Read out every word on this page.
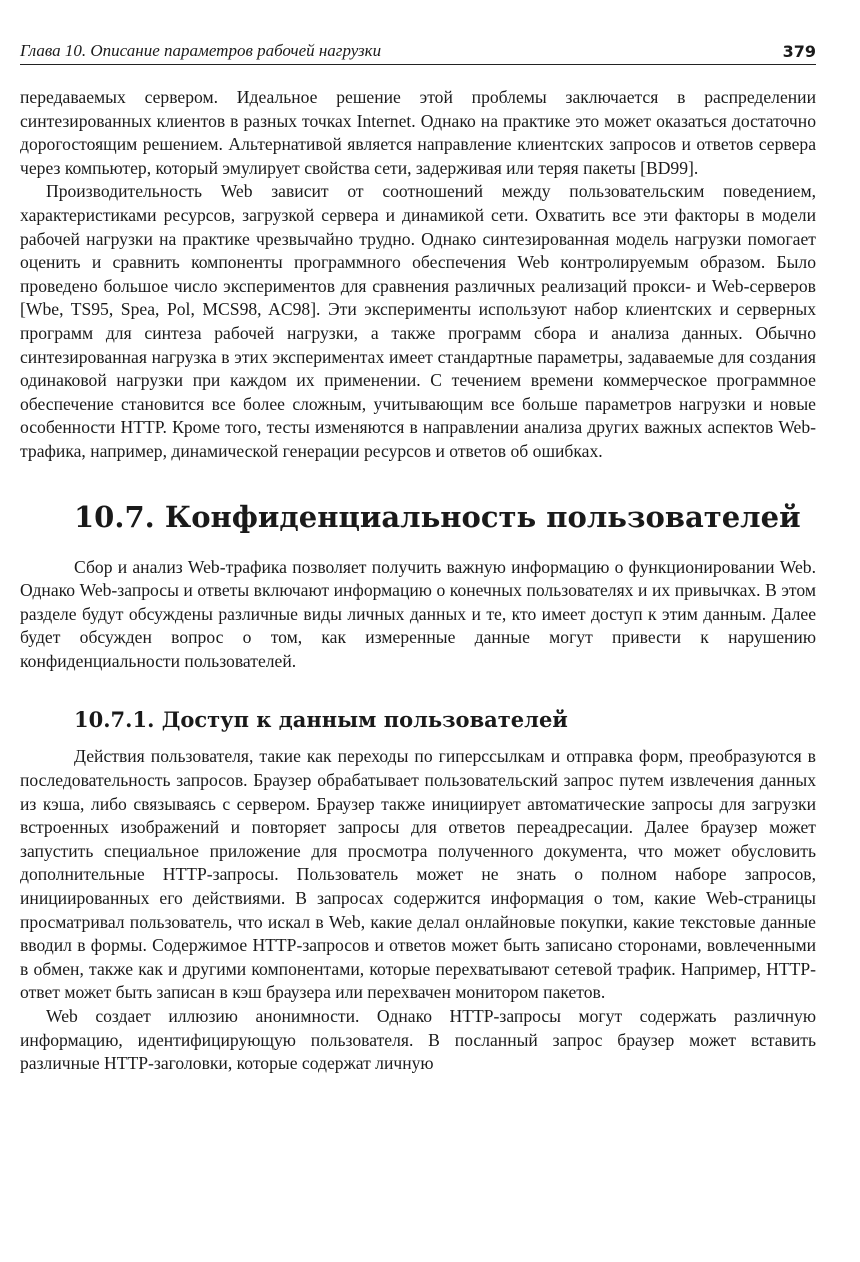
Глава 10. Описание параметров рабочей нагрузки	379

передаваемых сервером. Идеальное решение этой проблемы заключается в распределении синтезированных клиентов в разных точках Internet. Однако на практике это может оказаться достаточно дорогостоящим решением. Альтернативой является направление клиентских запросов и ответов сервера через компьютер, который эмулирует свойства сети, задерживая или теряя пакеты [BD99].

Производительность Web зависит от соотношений между пользовательским поведением, характеристиками ресурсов, загрузкой сервера и динамикой сети. Охватить все эти факторы в модели рабочей нагрузки на практике чрезвычайно трудно. Однако синтезированная модель нагрузки помогает оценить и сравнить компоненты программного обеспечения Web контролируемым образом. Было проведено большое число экспериментов для сравнения различных реализаций прокси- и Web-серверов [Wbe, TS95, Spea, Pol, MCS98, AC98]. Эти эксперименты используют набор клиентских и серверных программ для синтеза рабочей нагрузки, а также программ сбора и анализа данных. Обычно синтезированная нагрузка в этих экспериментах имеет стандартные параметры, задаваемые для создания одинаковой нагрузки при каждом их применении. С течением времени коммерческое программное обеспечение становится все более сложным, учитывающим все больше параметров нагрузки и новые особенности HTTP. Кроме того, тесты изменяются в направлении анализа других важных аспектов Web-трафика, например, динамической генерации ресурсов и ответов об ошибках.

10.7. Конфиденциальность пользователей

Сбор и анализ Web-трафика позволяет получить важную информацию о функционировании Web. Однако Web-запросы и ответы включают информацию о конечных пользователях и их привычках. В этом разделе будут обсуждены различные виды личных данных и те, кто имеет доступ к этим данным. Далее будет обсужден вопрос о том, как измеренные данные могут привести к нарушению конфиденциальности пользователей.

10.7.1. Доступ к данным пользователей

Действия пользователя, такие как переходы по гиперссылкам и отправка форм, преобразуются в последовательность запросов. Браузер обрабатывает пользовательский запрос путем извлечения данных из кэша, либо связываясь с сервером. Браузер также инициирует автоматические запросы для загрузки встроенных изображений и повторяет запросы для ответов переадресации. Далее браузер может запустить специальное приложение для просмотра полученного документа, что может обусловить дополнительные HTTP-запросы. Пользователь может не знать о полном наборе запросов, инициированных его действиями. В запросах содержится информация о том, какие Web-страницы просматривал пользователь, что искал в Web, какие делал онлайновые покупки, какие текстовые данные вводил в формы. Содержимое HTTP-запросов и ответов может быть записано сторонами, вовлеченными в обмен, также как и другими компонентами, которые перехватывают сетевой трафик. Например, HTTP-ответ может быть записан в кэш браузера или перехвачен монитором пакетов.

Web создает иллюзию анонимности. Однако HTTP-запросы могут содержать различную информацию, идентифицирующую пользователя. В посланный запрос браузер может вставить различные HTTP-заголовки, которые содержат личную
